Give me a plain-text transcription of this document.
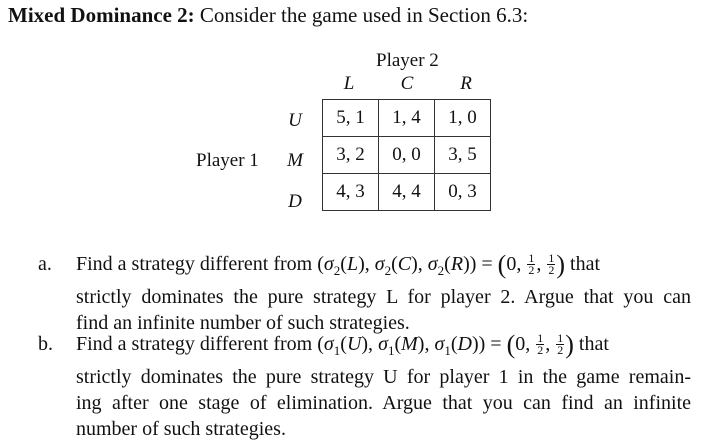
Mixed Dominance 2: Consider the game used in Section 6.3:
Player 2
L	C	R
U
M
D
Player 1
5, 1	1, 4	1, 0
3, 2	0, 0	3, 5
4, 3	4, 4	0, 3
a. Find a strategy different from ($\sigma_2(L)$, $\sigma_2(C)$, $\sigma_2(R)) = (0$, $\frac{1}{2}$ , $\frac{1}{2}$ ) that
strictly dominates the pure strategy L for player 2. Argue that you can
find an infinite number of such strategies.
b. Find a strategy different from ($\sigma_1(U)$, $\sigma_1(M)$, $\sigma_1(D)) = (0$, $\frac{1}{2}$ , $\frac{1}{2}$ ) that
strictly dominates the pure strategy U for player 1 in the game remain-
ing after one stage of elimination. Argue that you can find an infinite
number of such strategies.
